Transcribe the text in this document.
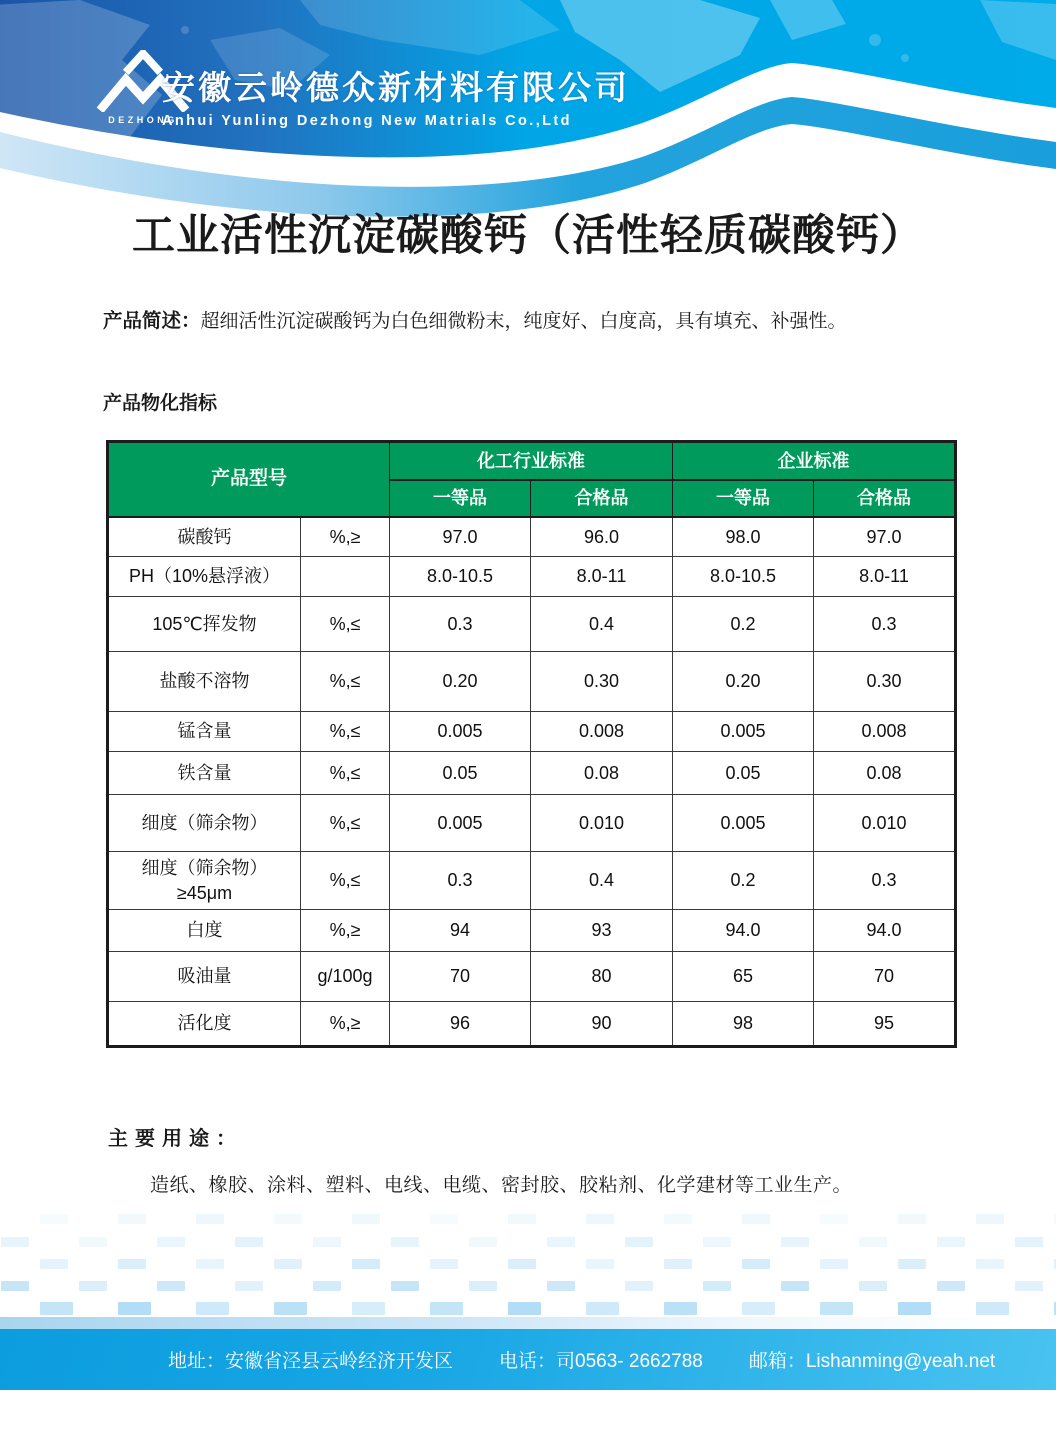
DEZHONG
安徽云岭德众新材料有限公司
Anhui Yunling Dezhong New Matrials Co.,Ltd
工业活性沉淀碳酸钙（活性轻质碳酸钙）
产品简述：超细活性沉淀碳酸钙为白色细微粉末，纯度好、白度高，具有填充、补强性。
产品物化指标
产品型号		化工行业标准		企业标准	
		一等品	合格品	一等品	合格品
碳酸钙	%,≥	97.0	96.0	98.0	97.0
PH（10%悬浮液）		8.0-10.5	8.0-11	8.0-10.5	8.0-11
105℃挥发物	%,≤	0.3	0.4	0.2	0.3
盐酸不溶物	%,≤	0.20	0.30	0.20	0.30
锰含量	%,≤	0.005	0.008	0.005	0.008
铁含量	%,≤	0.05	0.08	0.05	0.08
细度（筛余物）	%,≤	0.005	0.010	0.005	0.010
细度（筛余物）
≥45μm	%,≤	0.3	0.4	0.2	0.3
白度	%,≥	94	93	94.0	94.0
吸油量	g/100g	70	80	65	70
活化度	%,≥	96	90	98	95
主要用途：
造纸、橡胶、涂料、塑料、电线、电缆、密封胶、胶粘剂、化学建材等工业生产。
地址：安徽省泾县云岭经济开发区 电话：司0563- 2662788 邮箱：Lishanming@yeah.net
